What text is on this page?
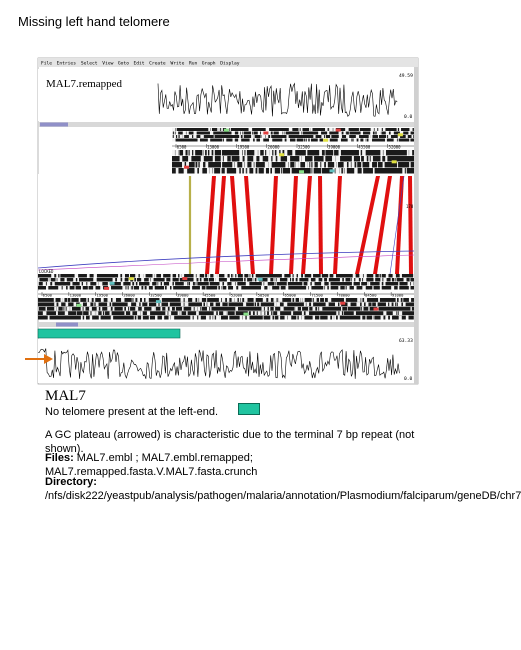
Missing left hand telomere
File Entries Select View Goto Edit Create Write Run Graph Display
49.59
0.0
MAL7.remapped
6500	13000	19500	26000	32500	39000	45500	52000
178
LOCKED
6500	13000	19500	26000	32500	39000	45500	52000	58500	65000	71500	78000	84500	91000
63.33
0.0
MAL7
No telomere present at the left-end.
A GC plateau (arrowed) is characteristic due to the terminal 7 bp repeat (not shown).
Files: MAL7.embl ; MAL7.embl.remapped; MAL7.remapped.fasta.V.MAL7.fasta.crunch
Directory:
/nfs/disk222/yeastpub/analysis/pathogen/malaria/annotation/Plasmodium/falciparum/geneDB/chr7
